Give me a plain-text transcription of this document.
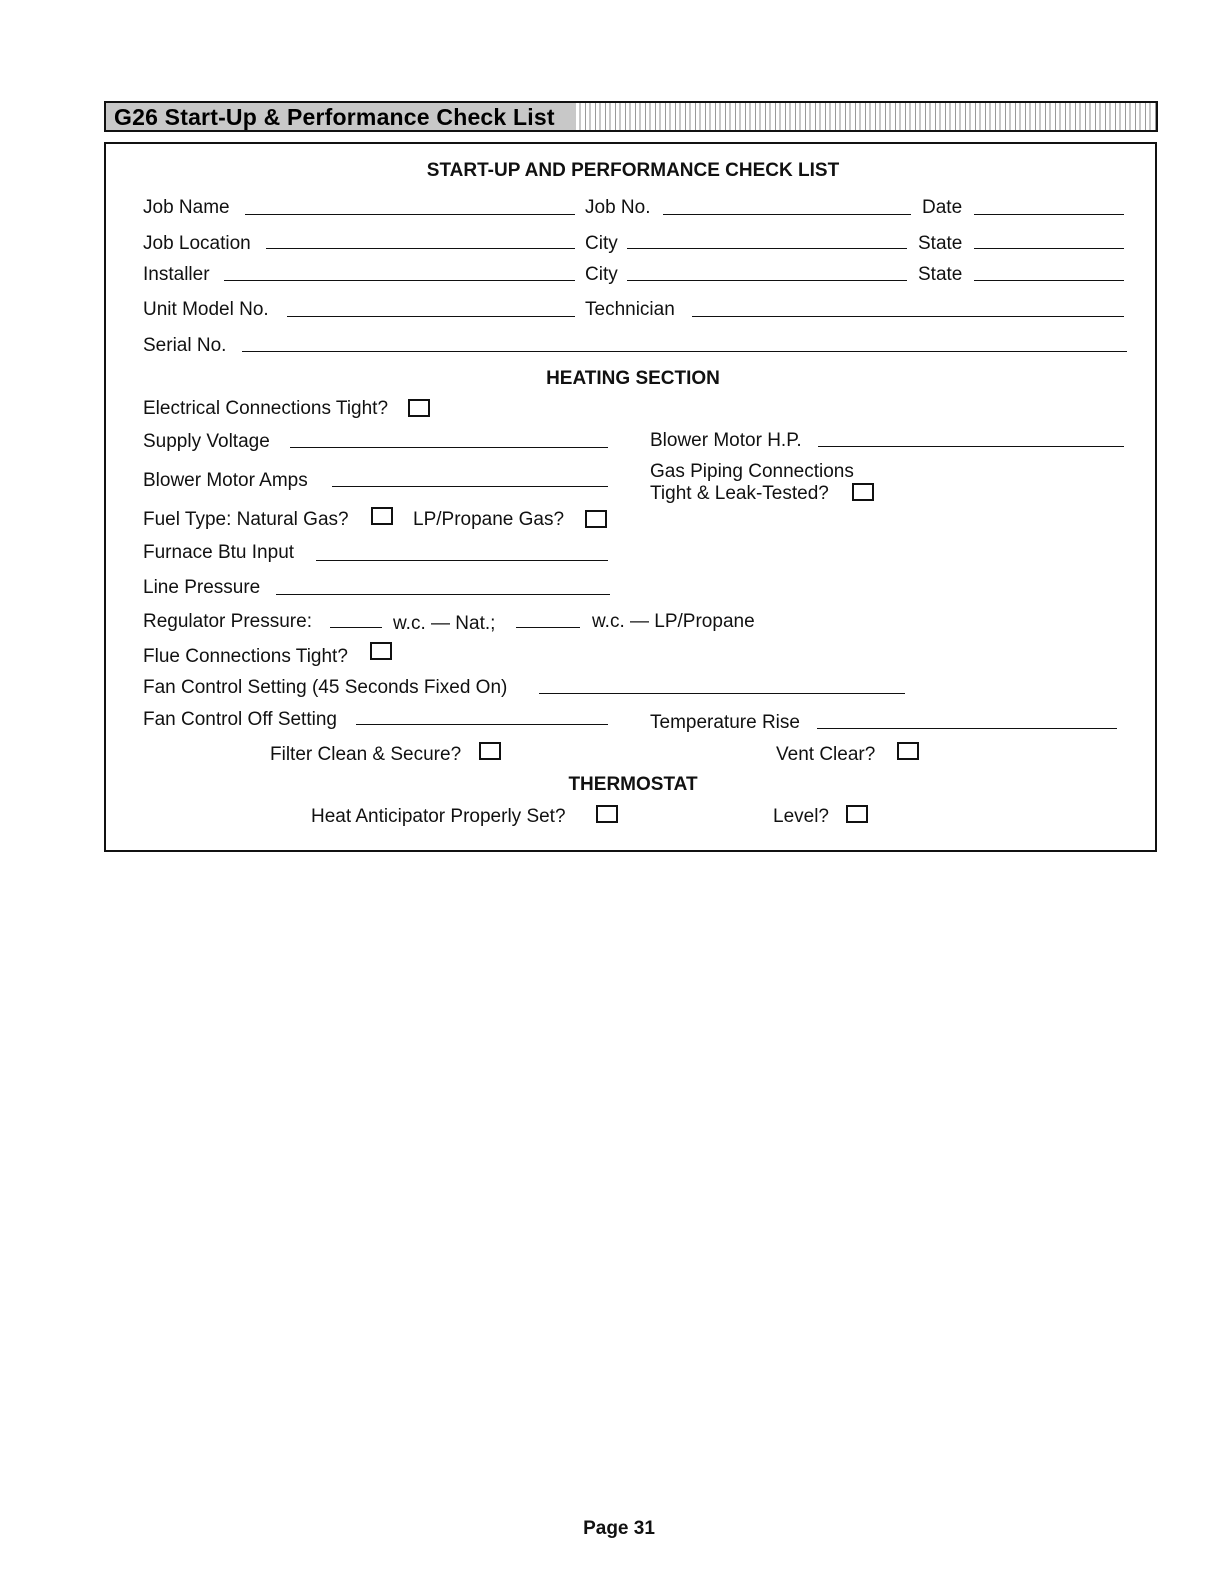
G26 Start-Up & Performance Check List
START-UP AND PERFORMANCE CHECK LIST
Job Name	Job No.	Date
Job Location	City	State
Installer	City	State
Unit Model No.	Technician
Serial No.
HEATING SECTION
Electrical Connections Tight?
Supply Voltage	Blower Motor H.P.
Blower Motor Amps	Gas Piping Connections
Tight & Leak-Tested?
Fuel Type: Natural Gas?	LP/Propane Gas?
Furnace Btu Input
Line Pressure
Regulator Pressure:	w.c. — Nat.;	w.c. — LP/Propane
Flue Connections Tight?
Fan Control Setting (45 Seconds Fixed On)
Fan Control Off Setting	Temperature Rise
Filter Clean & Secure?	Vent Clear?
THERMOSTAT
Heat Anticipator Properly Set?	Level?
Page 31
